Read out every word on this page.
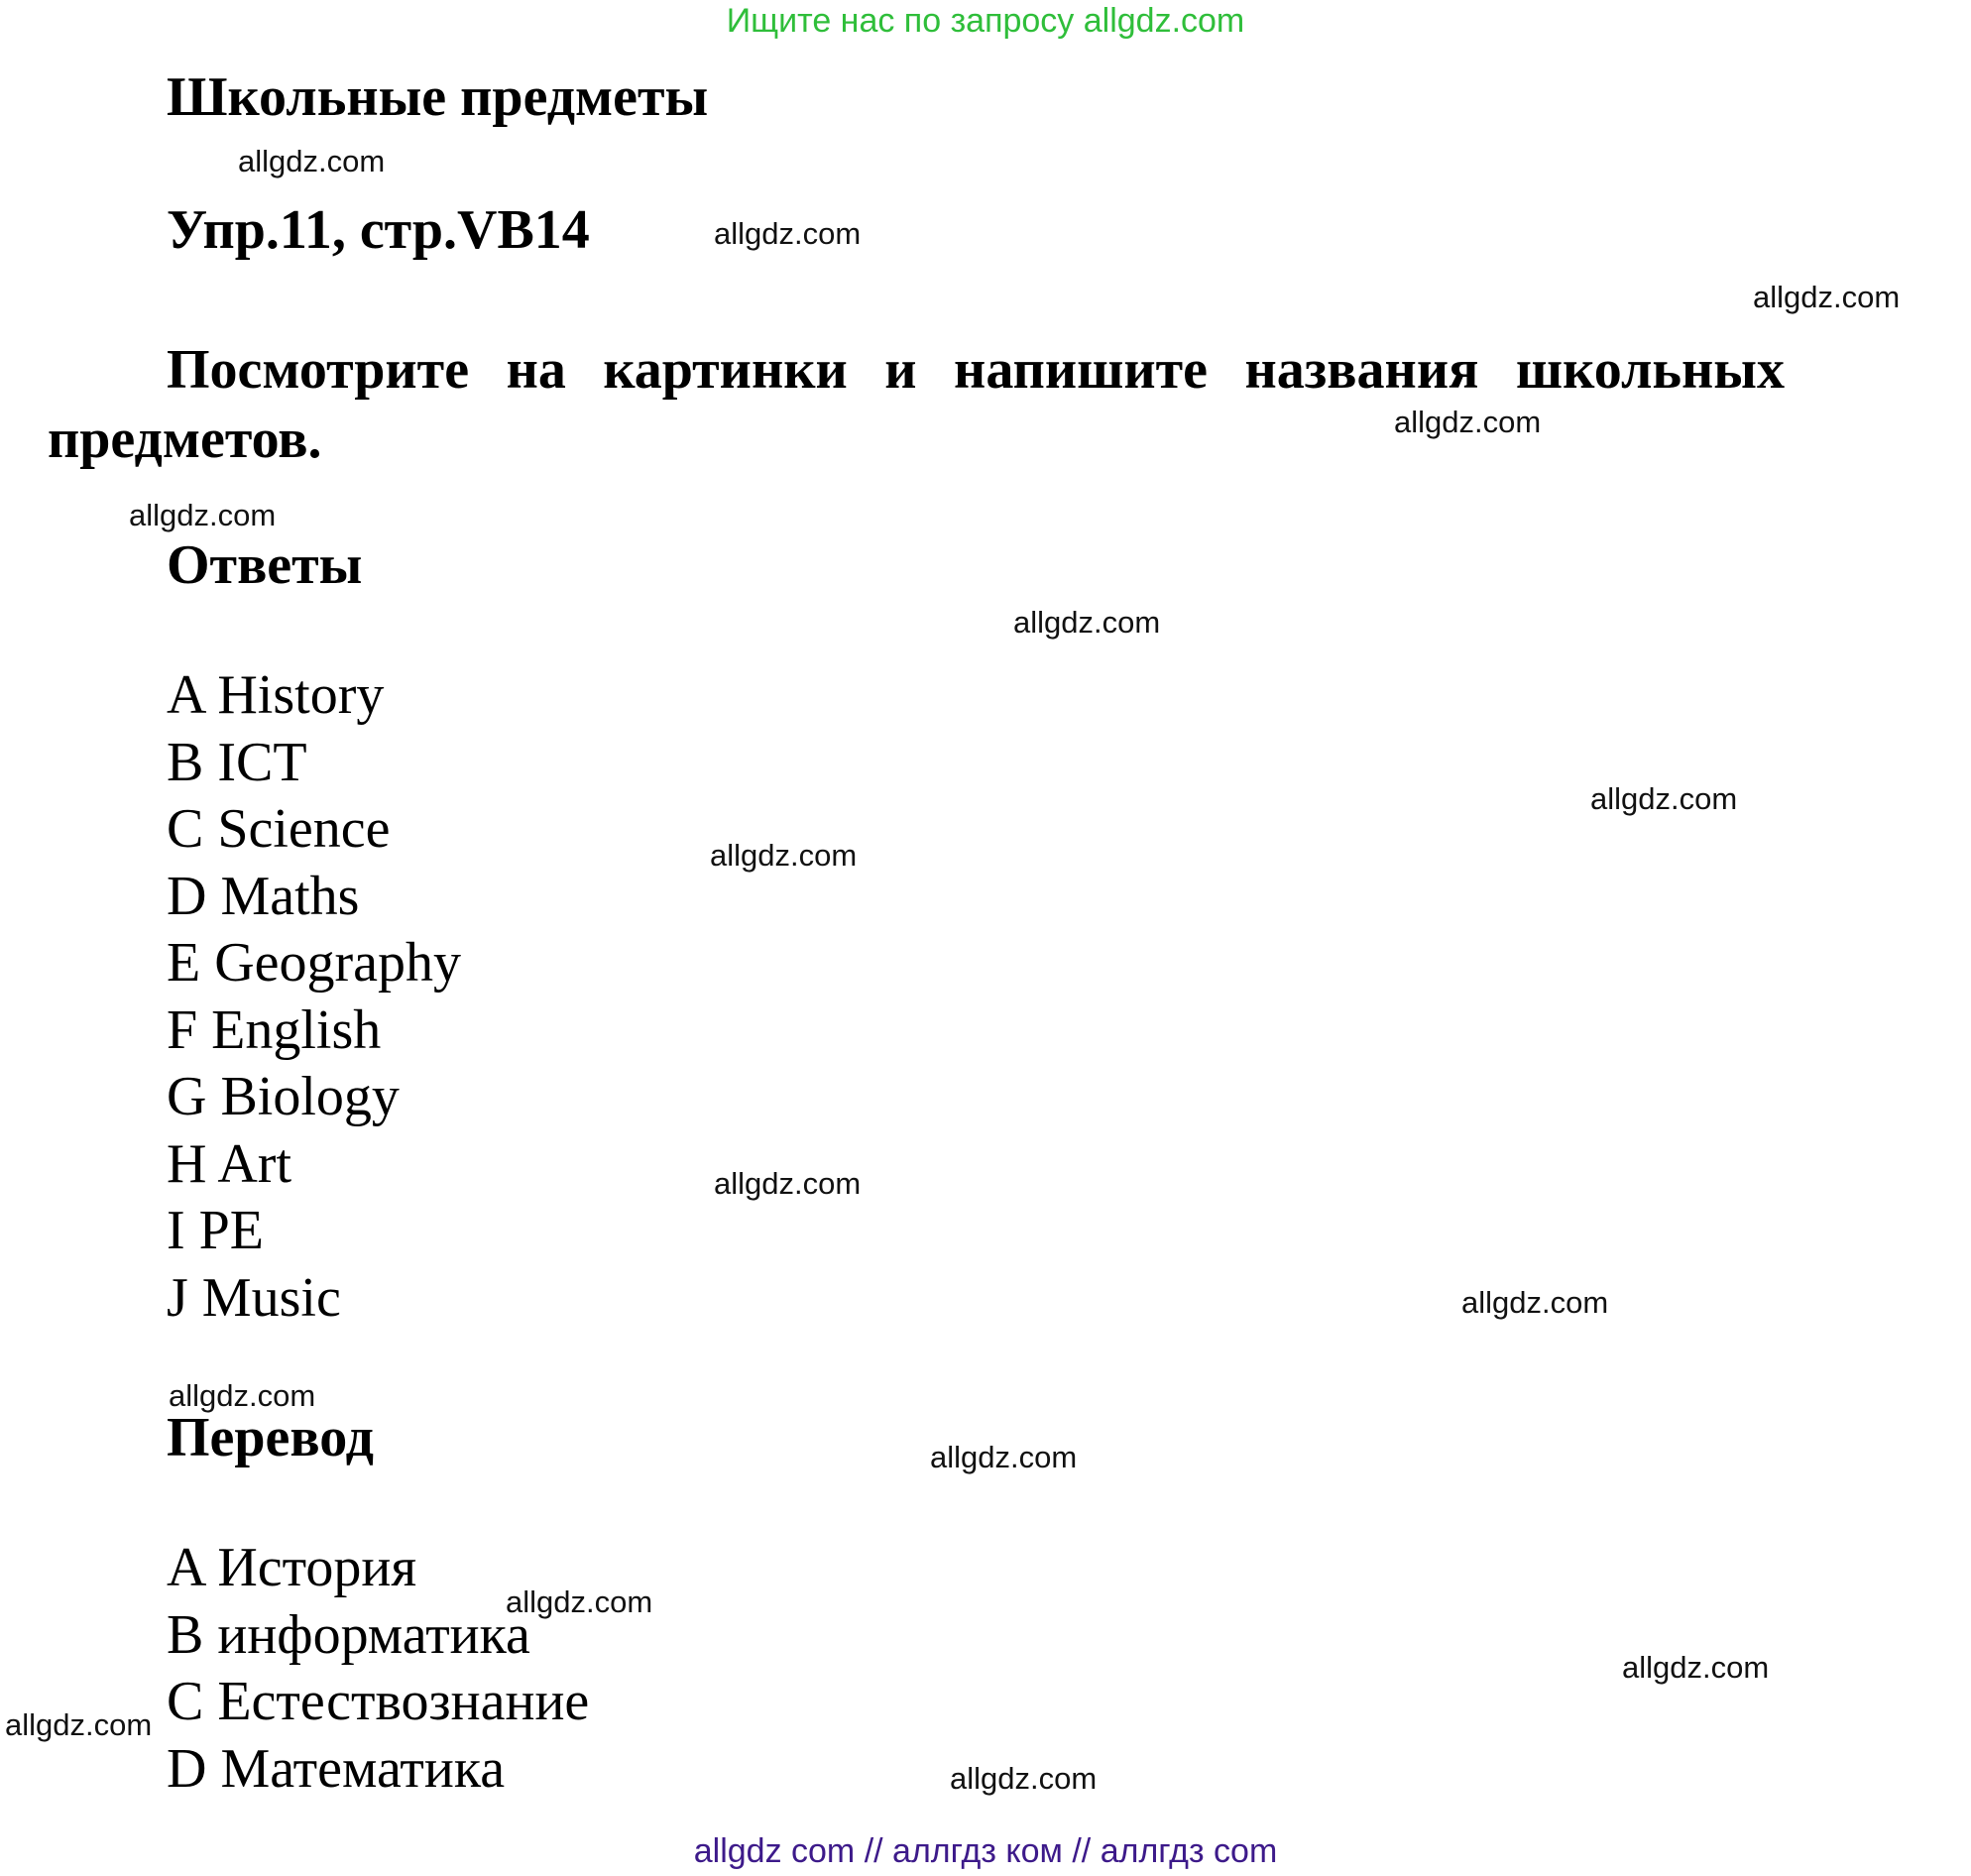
Ищите нас по запросу allgdz.com
Школьные предметы
Упр.11, стр.VB14
Посмотрите на картинки и напишите названия школьных предметов.
Ответы
A History
B ICT
C Science
D Maths
E Geography
F English
G Biology
H Art
I PE
J Music
Перевод
A История
B информатика
C Естествознание
D Математика
allgdz.com
allgdz.com
allgdz.com
allgdz.com
allgdz.com
allgdz.com
allgdz.com
allgdz.com
allgdz.com
allgdz.com
allgdz.com
allgdz.com
allgdz.com
allgdz.com
allgdz.com
allgdz.com
allgdz com // аллгдз ком // аллгдз com
